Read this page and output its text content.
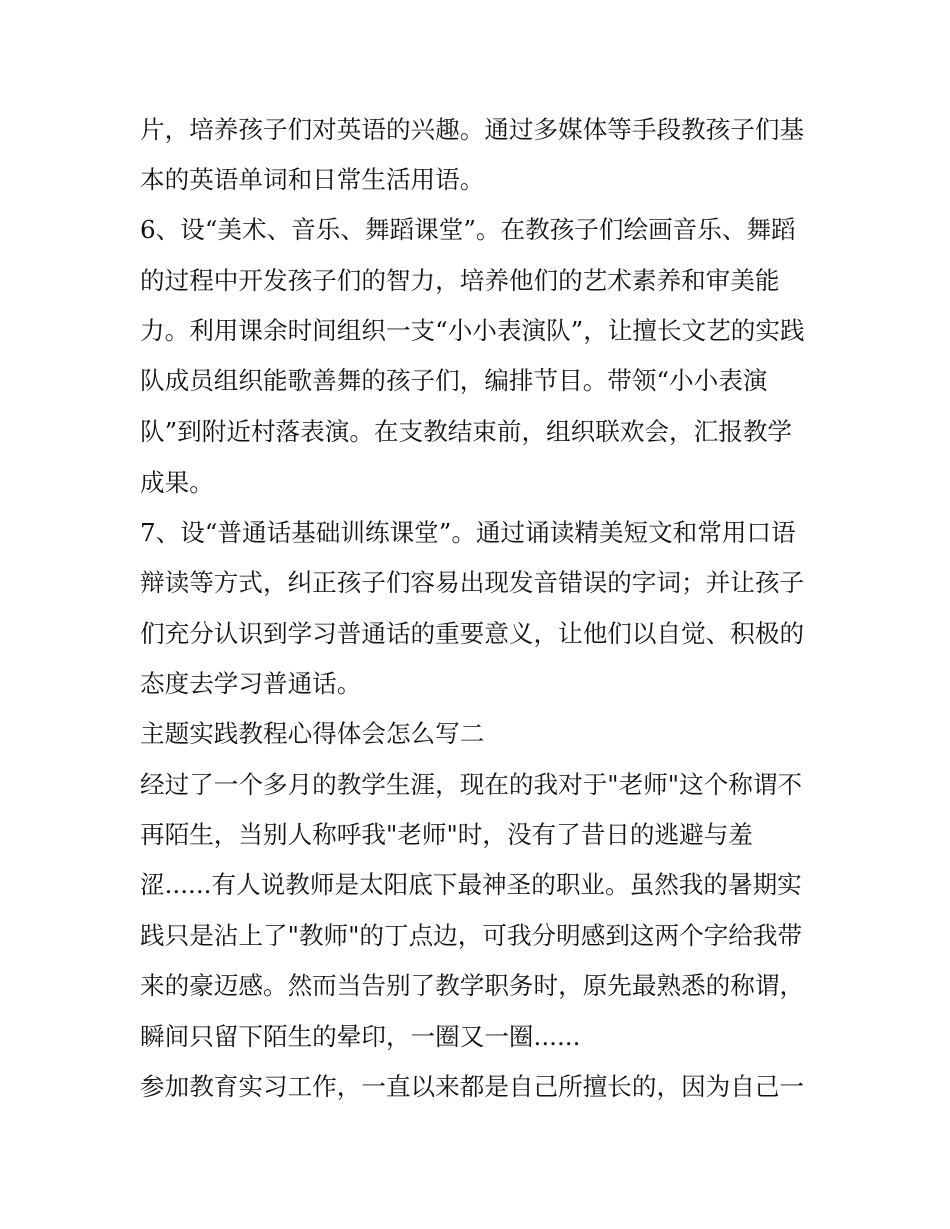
片，培养孩子们对英语的兴趣。通过多媒体等手段教孩子们基
本的英语单词和日常生活用语。
6、设“美术、音乐、舞蹈课堂”。在教孩子们绘画音乐、舞蹈
的过程中开发孩子们的智力，培养他们的艺术素养和审美能
力。利用课余时间组织一支“小小表演队”，让擅长文艺的实践
队成员组织能歌善舞的孩子们，编排节目。带领“小小表演
队”到附近村落表演。在支教结束前，组织联欢会，汇报教学
成果。
7、设“普通话基础训练课堂”。通过诵读精美短文和常用口语
辩读等方式，纠正孩子们容易出现发音错误的字词；并让孩子
们充分认识到学习普通话的重要意义，让他们以自觉、积极的
态度去学习普通话。
主题实践教程心得体会怎么写二
经过了一个多月的教学生涯，现在的我对于"老师"这个称谓不
再陌生，当别人称呼我"老师"时，没有了昔日的逃避与羞
涩......有人说教师是太阳底下最神圣的职业。虽然我的暑期实
践只是沾上了"教师"的丁点边，可我分明感到这两个字给我带
来的豪迈感。然而当告别了教学职务时，原先最熟悉的称谓，
瞬间只留下陌生的晕印，一圈又一圈......
参加教育实习工作，一直以来都是自己所擅长的，因为自己一
